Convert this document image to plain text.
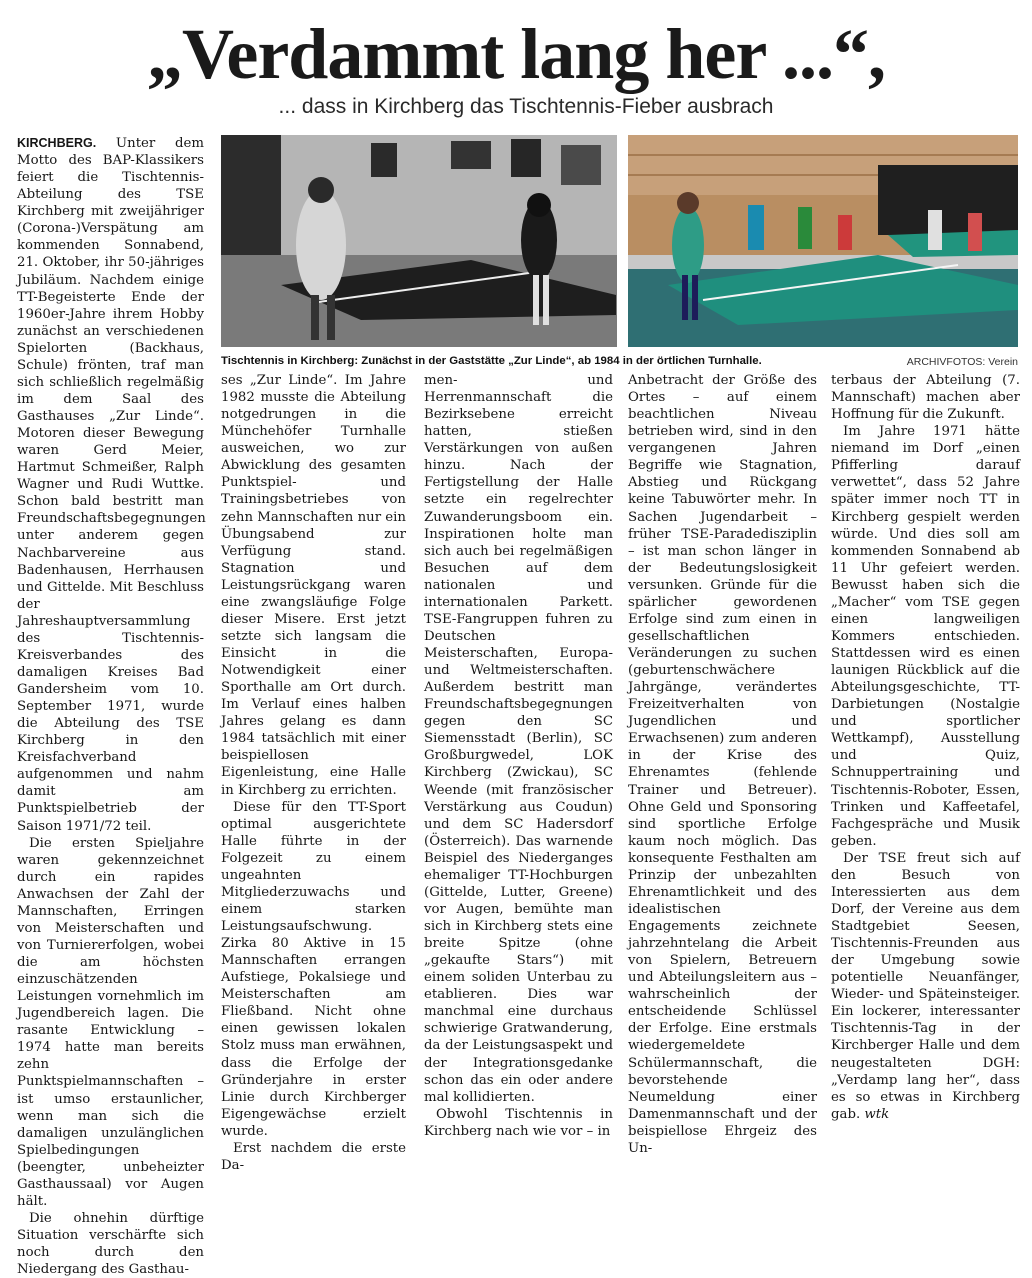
„Verdammt lang her ...“,
... dass in Kirchberg das Tischtennis-Fieber ausbrach

KIRCHBERG. Unter dem Motto des BAP-Klassikers feiert die Tischtennis-Abteilung des TSE Kirchberg mit zweijähriger (Corona-)Verspätung am kommenden Sonnabend, 21. Oktober, ihr 50-jähriges Jubiläum. Nachdem einige TT-Begeisterte Ende der 1960er-Jahre ihrem Hobby zunächst an verschiedenen Spielorten (Backhaus, Schule) frönten, traf man sich schließlich regelmäßig im dem Saal des Gasthauses „Zur Linde“. Motoren dieser Bewegung waren Gerd Meier, Hartmut Schmeißer, Ralph Wagner und Rudi Wuttke. Schon bald bestritt man Freundschaftsbegegnungen unter anderem gegen Nachbarvereine aus Badenhausen, Herrhausen und Gittelde. Mit Beschluss der Jahreshauptversammlung des Tischtennis-Kreisverbandes des damaligen Kreises Bad Gandersheim vom 10. September 1971, wurde die Abteilung des TSE Kirchberg in den Kreisfachverband aufgenommen und nahm damit am Punktspielbetrieb der Saison 1971/72 teil.

Die ersten Spieljahre waren gekennzeichnet durch ein rapides Anwachsen der Zahl der Mannschaften, Erringen von Meisterschaften und von Turniererfolgen, wobei die am höchsten einzuschätzenden Leistungen vornehmlich im Jugendbereich lagen. Die rasante Entwicklung – 1974 hatte man bereits zehn Punktspielmannschaften – ist umso erstaunlicher, wenn man sich die damaligen unzulänglichen Spielbedingungen (beengter, unbeheizter Gasthaussaal) vor Augen hält.

Die ohnehin dürftige Situation verschärfte sich noch durch den Niedergang des Gasthau-

Tischtennis in Kirchberg: Zunächst in der Gaststätte „Zur Linde“, ab 1984 in der örtlichen Turnhalle.	ARCHIVFOTOS: Verein

ses „Zur Linde“. Im Jahre 1982 musste die Abteilung notgedrungen in die Münchehöfer Turnhalle ausweichen, wo zur Abwicklung des gesamten Punktspiel- und Trainingsbetriebes von zehn Mannschaften nur ein Übungsabend zur Verfügung stand. Stagnation und Leistungsrückgang waren eine zwangsläufige Folge dieser Misere. Erst jetzt setzte sich langsam die Einsicht in die Notwendigkeit einer Sporthalle am Ort durch. Im Verlauf eines halben Jahres gelang es dann 1984 tatsächlich mit einer beispiellosen Eigenleistung, eine Halle in Kirchberg zu errichten.

Diese für den TT-Sport optimal ausgerichtete Halle führte in der Folgezeit zu einem ungeahnten Mitgliederzuwachs und einem starken Leistungsaufschwung. Zirka 80 Aktive in 15 Mannschaften errangen Aufstiege, Pokalsiege und Meisterschaften am Fließband. Nicht ohne einen gewissen lokalen Stolz muss man erwähnen, dass die Erfolge der Gründerjahre in erster Linie durch Kirchberger Eigengewächse erzielt wurde.

Erst nachdem die erste Da-

men- und Herrenmannschaft die Bezirksebene erreicht hatten, stießen Verstärkungen von außen hinzu. Nach der Fertigstellung der Halle setzte ein regelrechter Zuwanderungsboom ein. Inspirationen holte man sich auch bei regelmäßigen Besuchen auf dem nationalen und internationalen Parkett. TSE-Fangruppen fuhren zu Deutschen Meisterschaften, Europa- und Weltmeisterschaften. Außerdem bestritt man Freundschaftsbegegnungen gegen den SC Siemensstadt (Berlin), SC Großburgwedel, LOK Kirchberg (Zwickau), SC Weende (mit französischer Verstärkung aus Coudun) und dem SC Hadersdorf (Österreich). Das warnende Beispiel des Niederganges ehemaliger TT-Hochburgen (Gittelde, Lutter, Greene) vor Augen, bemühte man sich in Kirchberg stets eine breite Spitze (ohne „gekaufte Stars“) mit einem soliden Unterbau zu etablieren. Dies war manchmal eine durchaus schwierige Gratwanderung, da der Leistungsaspekt und der Integrationsgedanke schon das ein oder andere mal kollidierten.

Obwohl Tischtennis in Kirchberg nach wie vor – in

Anbetracht der Größe des Ortes – auf einem beachtlichen Niveau betrieben wird, sind in den vergangenen Jahren Begriffe wie Stagnation, Abstieg und Rückgang keine Tabuwörter mehr. In Sachen Jugendarbeit – früher TSE-Paradedisziplin – ist man schon länger in der Bedeutungslosigkeit versunken. Gründe für die spärlicher gewordenen Erfolge sind zum einen in gesellschaftlichen Veränderungen zu suchen (geburtenschwächere Jahrgänge, verändertes Freizeitverhalten von Jugendlichen und Erwachsenen) zum anderen in der Krise des Ehrenamtes (fehlende Trainer und Betreuer). Ohne Geld und Sponsoring sind sportliche Erfolge kaum noch möglich. Das konsequente Festhalten am Prinzip der unbezahlten Ehrenamtlichkeit und des idealistischen Engagements zeichnete jahrzehntelang die Arbeit von Spielern, Betreuern und Abteilungsleitern aus – wahrscheinlich der entscheidende Schlüssel der Erfolge. Eine erstmals wiedergemeldete Schülermannschaft, die bevorstehende Neumeldung einer Damenmannschaft und der beispiellose Ehrgeiz des Un-

terbaus der Abteilung (7. Mannschaft) machen aber Hoffnung für die Zukunft.

Im Jahre 1971 hätte niemand im Dorf „einen Pfifferling darauf verwettet“, dass 52 Jahre später immer noch TT in Kirchberg gespielt werden würde. Und dies soll am kommenden Sonnabend ab 11 Uhr gefeiert werden. Bewusst haben sich die „Macher“ vom TSE gegen einen langweiligen Kommers entschieden. Stattdessen wird es einen launigen Rückblick auf die Abteilungsgeschichte, TT-Darbietungen (Nostalgie und sportlicher Wettkampf), Ausstellung und Quiz, Schnuppertraining und Tischtennis-Roboter, Essen, Trinken und Kaffeetafel, Fachgespräche und Musik geben.

Der TSE freut sich auf den Besuch von Interessierten aus dem Dorf, der Vereine aus dem Stadtgebiet Seesen, Tischtennis-Freunden aus der Umgebung sowie potentielle Neuanfänger, Wieder- und Späteinsteiger. Ein lockerer, interessanter Tischtennis-Tag in der Kirchberger Halle und dem neugestalteten DGH: „Verdamp lang her“, dass es so etwas in Kirchberg gab. wtk
